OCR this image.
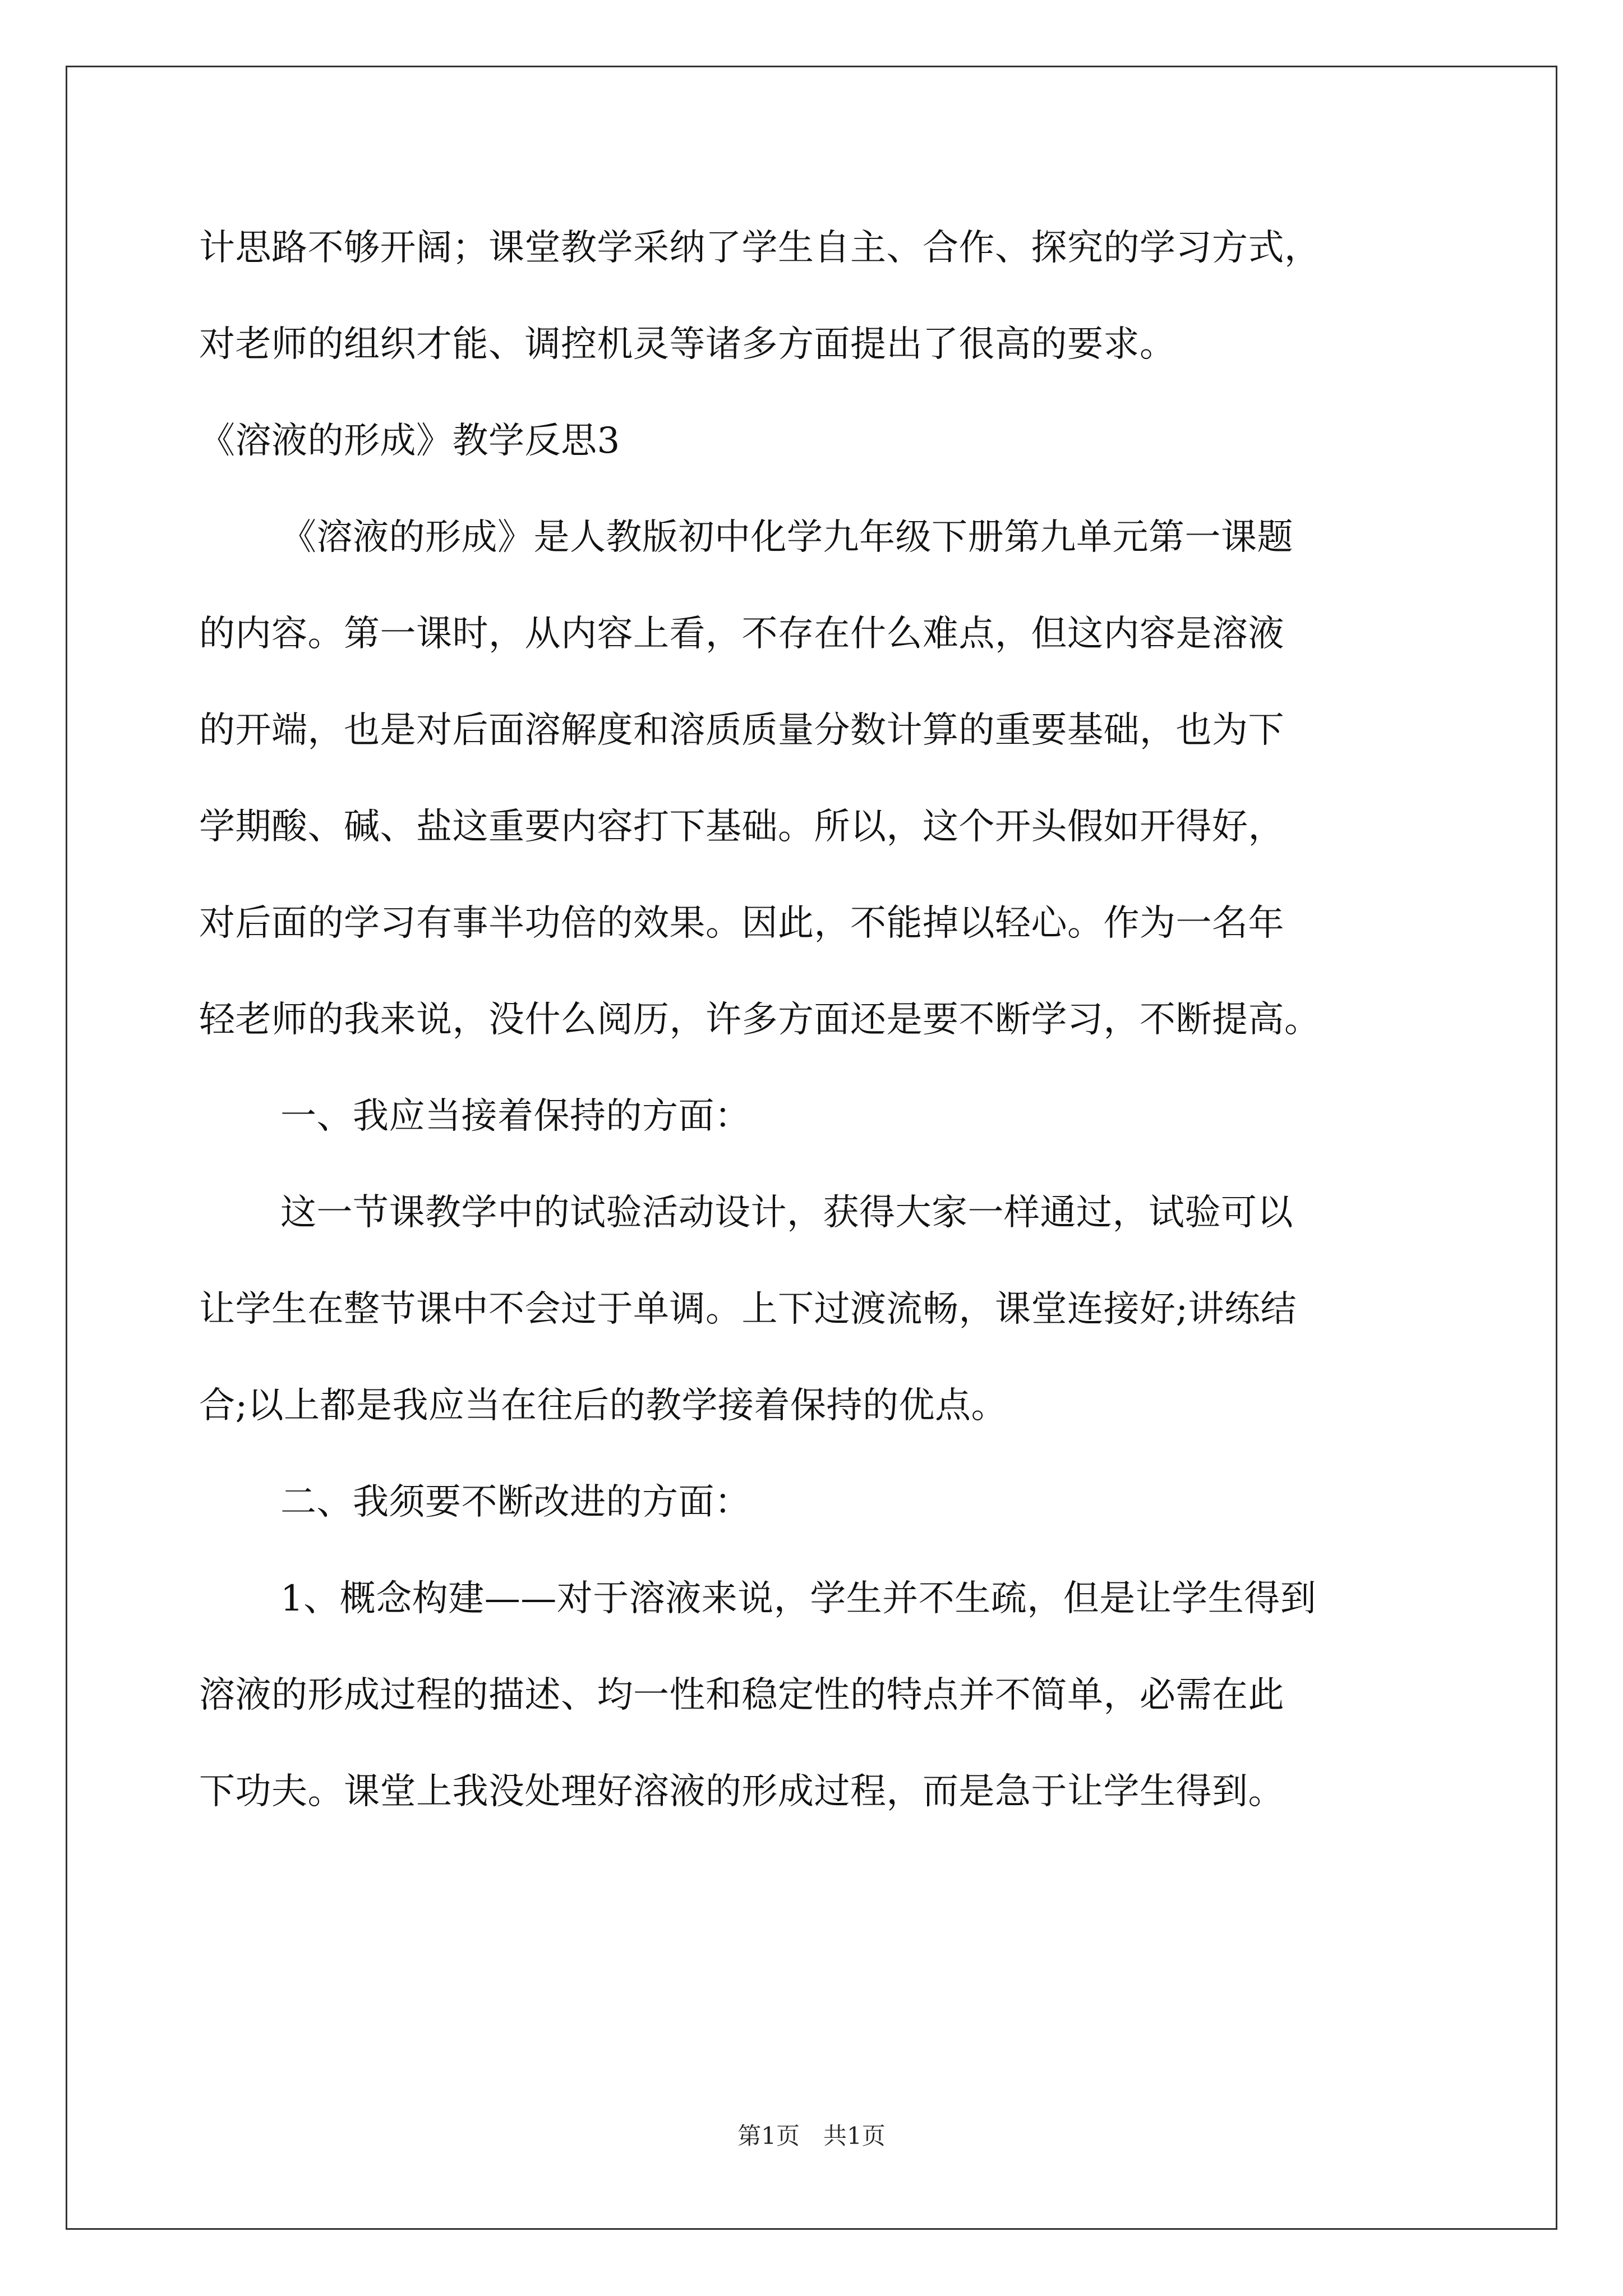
计思路不够开阔；课堂教学采纳了学生自主、合作、探究的学习方式，
对老师的组织才能、调控机灵等诸多方面提出了很高的要求。
《溶液的形成》教学反思3
《溶液的形成》是人教版初中化学九年级下册第九单元第一课题
的内容。第一课时，从内容上看，不存在什么难点，但这内容是溶液
的开端，也是对后面溶解度和溶质质量分数计算的重要基础，也为下
学期酸、碱、盐这重要内容打下基础。所以，这个开头假如开得好，
对后面的学习有事半功倍的效果。因此，不能掉以轻心。作为一名年
轻老师的我来说，没什么阅历，许多方面还是要不断学习，不断提高。
一、我应当接着保持的方面：
这一节课教学中的试验活动设计，获得大家一样通过，试验可以
让学生在整节课中不会过于单调。上下过渡流畅，课堂连接好;讲练结
合;以上都是我应当在往后的教学接着保持的优点。
二、我须要不断改进的方面：
1、概念构建——对于溶液来说，学生并不生疏，但是让学生得到
溶液的形成过程的描述、均一性和稳定性的特点并不简单，必需在此
下功夫。课堂上我没处理好溶液的形成过程，而是急于让学生得到。
第1页　共1页
